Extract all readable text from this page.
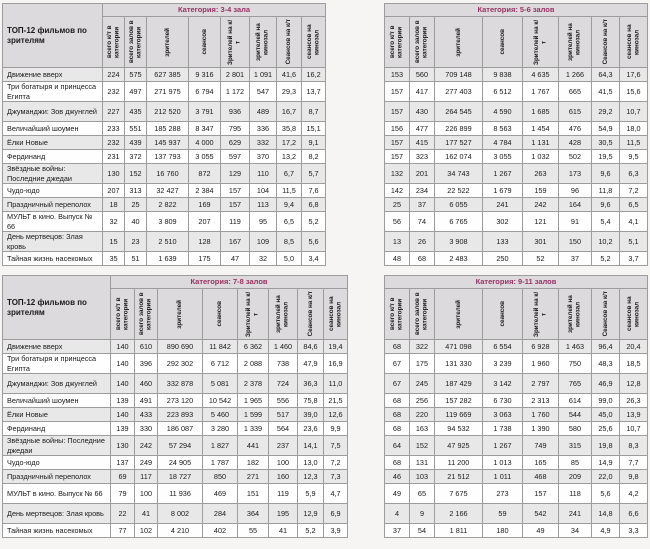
ТОП-12 фильмов по зрителям	Категория: 3-4 зала							

	всего к/т в категории	всего залов в категории	зрителей	сеансов	Зрителей на к/т	зрителей на кинозал	Сеансов на к/т	сеансов на кинозал

Движение вверх	224	575	627 385	9 316	2 801	1 091	41,6	16,2
Три богатыря и принцесса Египта	232	497	271 975	6 794	1 172	547	29,3	13,7
Джуманджи: Зов джунглей	227	435	212 520	3 791	936	489	16,7	8,7
Величайший шоумен	233	551	185 288	8 347	795	336	35,8	15,1
Ёлки Новые	232	439	145 937	4 000	629	332	17,2	9,1
Фердинанд	231	372	137 793	3 055	597	370	13,2	8,2
Звёздные войны: Последние джедаи	130	152	16 760	872	129	110	6,7	5,7
Чудо-юдо	207	313	32 427	2 384	157	104	11,5	7,6
Праздничный переполох	18	25	2 822	169	157	113	9,4	6,8
МУЛЬТ в кино. Выпуск № 66	32	40	3 809	207	119	95	6,5	5,2
День мертвецов: Злая кровь	15	23	2 510	128	167	109	8,5	5,6
Тайная жизнь насекомых	35	51	1 639	175	47	32	5,0	3,4
Категория: 5-6 залов							

всего к/т в категории	всего залов в категории	зрителей	сеансов	Зрителей на к/т	зрителей на кинозал	Сеансов на к/т	сеансов на кинозал

153	560	709 148	9 838	4 635	1 266	64,3	17,6
157	417	277 403	6 512	1 767	665	41,5	15,6
157	430	264 545	4 590	1 685	615	29,2	10,7
156	477	226 899	8 563	1 454	476	54,9	18,0
157	415	177 527	4 784	1 131	428	30,5	11,5
157	323	162 074	3 055	1 032	502	19,5	9,5
132	201	34 743	1 267	263	173	9,6	6,3
142	234	22 522	1 679	159	96	11,8	7,2
25	37	6 055	241	242	164	9,6	6,5
56	74	6 765	302	121	91	5,4	4,1
13	26	3 908	133	301	150	10,2	5,1
48	68	2 483	250	52	37	5,2	3,7
ТОП-12 фильмов по зрителям	Категория: 7-8 залов							

	всего к/т в категории	всего залов в категории	зрителей	сеансов	Зрителей на к/т	зрителей на кинозал	Сеансов на к/т	сеансов на кинозал

Движение вверх	140	610	890 690	11 842	6 362	1 460	84,6	19,4
Три богатыря и принцесса Египта	140	396	292 302	6 712	2 088	738	47,9	16,9
Джуманджи: Зов джунглей	140	460	332 878	5 081	2 378	724	36,3	11,0
Величайший шоумен	139	491	273 120	10 542	1 965	556	75,8	21,5
Ёлки Новые	140	433	223 893	5 460	1 599	517	39,0	12,6
Фердинанд	139	330	186 087	3 280	1 339	564	23,6	9,9
Звёздные войны: Последние джедаи	130	242	57 294	1 827	441	237	14,1	7,5
Чудо-юдо	137	249	24 905	1 787	182	100	13,0	7,2
Праздничный переполох	69	117	18 727	850	271	160	12,3	7,3
МУЛЬТ в кино. Выпуск № 66	79	100	11 936	469	151	119	5,9	4,7
День мертвецов: Злая кровь	22	41	8 002	284	364	195	12,9	6,9
Тайная жизнь насекомых	77	102	4 210	402	55	41	5,2	3,9
Категория: 9-11 залов							

всего к/т в категории	всего залов в категории	зрителей	сеансов	Зрителей на к/т	зрителей на кинозал	Сеансов на к/т	сеансов на кинозал

68	322	471 098	6 554	6 928	1 463	96,4	20,4
67	175	131 330	3 239	1 960	750	48,3	18,5
67	245	187 429	3 142	2 797	765	46,9	12,8
68	256	157 282	6 730	2 313	614	99,0	26,3
68	220	119 669	3 063	1 760	544	45,0	13,9
68	163	94 532	1 738	1 390	580	25,6	10,7
64	152	47 925	1 267	749	315	19,8	8,3
68	131	11 200	1 013	165	85	14,9	7,7
46	103	21 512	1 011	468	209	22,0	9,8
49	65	7 675	273	157	118	5,6	4,2
4	9	2 166	59	542	241	14,8	6,6
37	54	1 811	180	49	34	4,9	3,3
